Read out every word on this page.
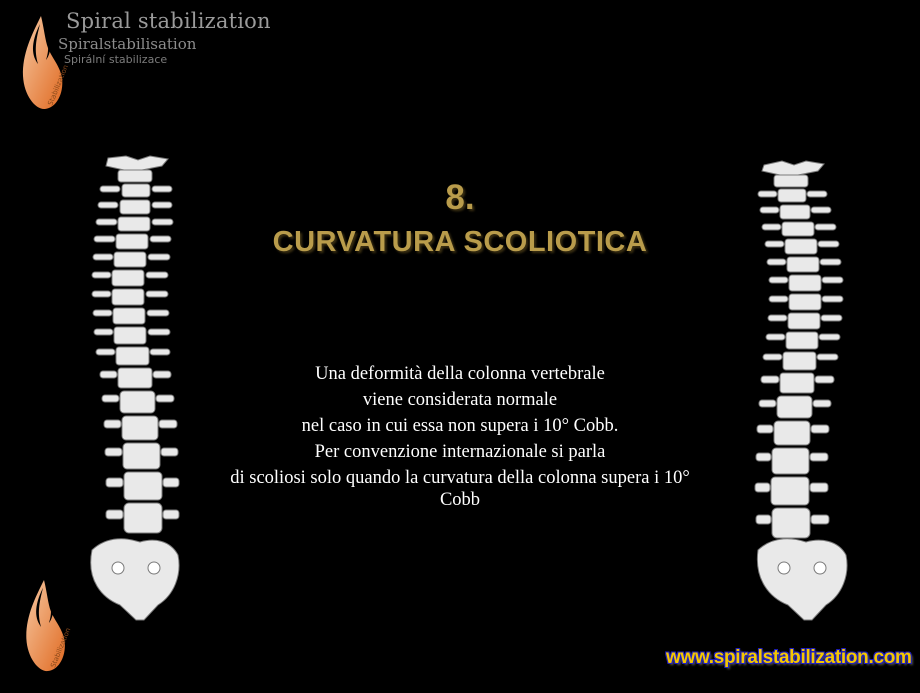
Stabilization
Spiral stabilization
Spiralstabilisation
Spirální stabilizace
Stabilization
8.
CURVATURA SCOLIOTICA
Una deformità della colonna vertebrale
viene considerata normale
nel caso in cui essa non supera i 10° Cobb.
Per convenzione internazionale si parla
di scoliosi solo quando la curvatura della colonna supera i 10°
Cobb
www.spiralstabilization.com
